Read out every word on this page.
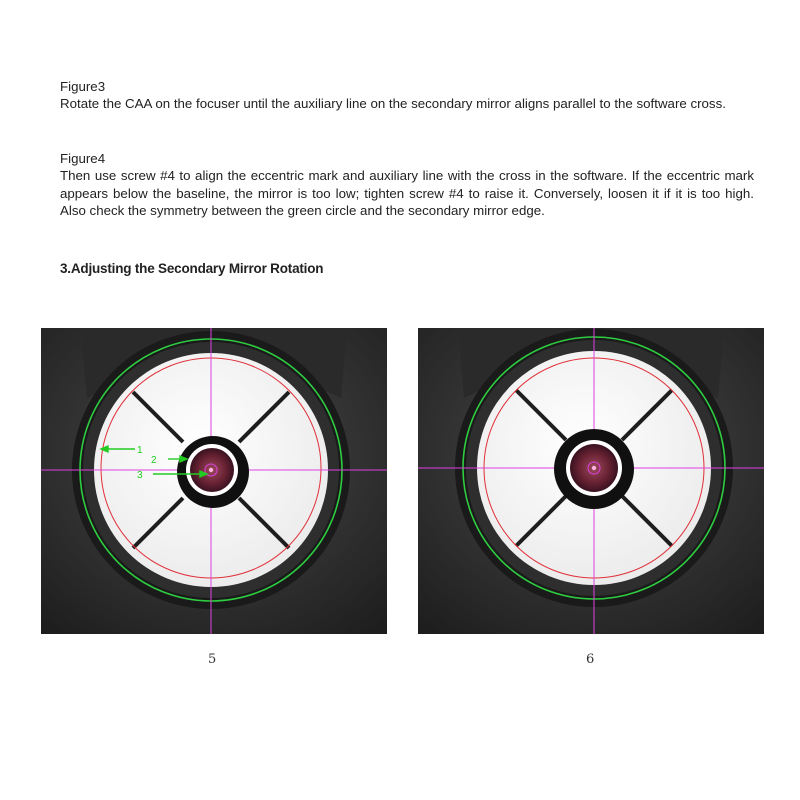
Figure3
Rotate the CAA on the focuser until the auxiliary line on the secondary mirror aligns parallel to the software cross.
Figure4
Then use screw #4 to align the eccentric mark and auxiliary line with the cross in the software. If the eccentric mark appears below the baseline, the mirror is too low; tighten screw #4 to raise it. Conversely, loosen it if it is too high. Also check the symmetry between the green circle and the secondary mirror edge.
3.Adjusting the Secondary Mirror Rotation
1
2
3
5	6
